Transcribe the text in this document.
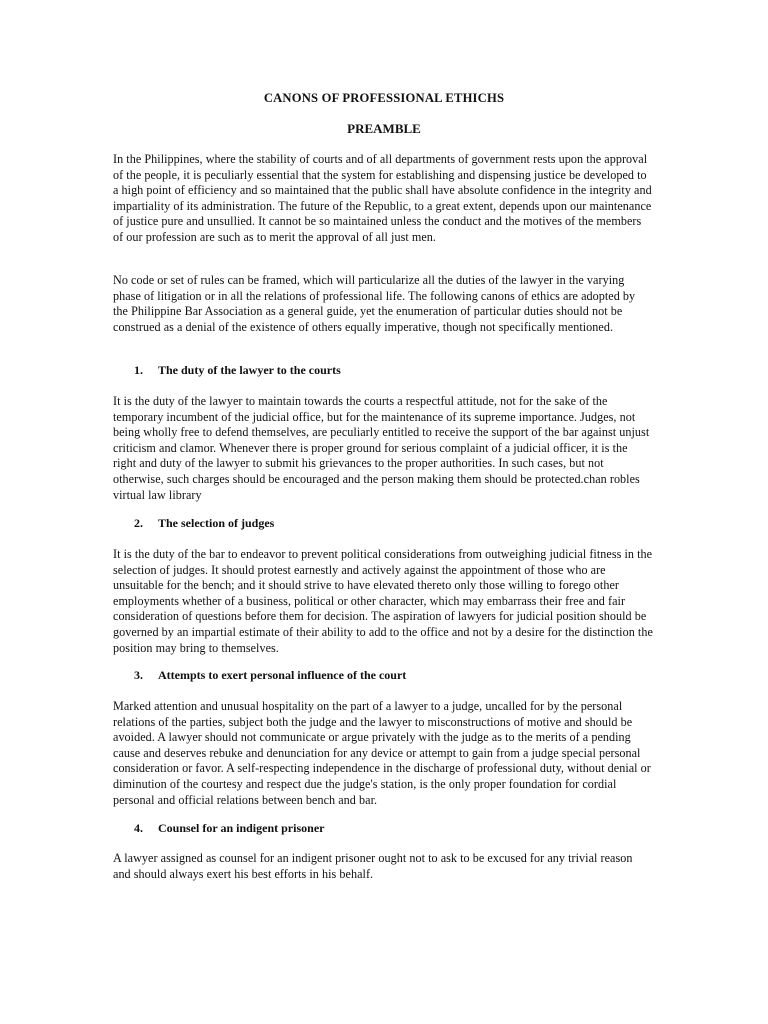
CANONS OF PROFESSIONAL ETHICHS
PREAMBLE

In the Philippines, where the stability of courts and of all departments of government rests upon the approval of the people, it is peculiarly essential that the system for establishing and dispensing justice be developed to a high point of efficiency and so maintained that the public shall have absolute confidence in the integrity and impartiality of its administration. The future of the Republic, to a great extent, depends upon our maintenance of justice pure and unsullied. It cannot be so maintained unless the conduct and the motives of the members of our profession are such as to merit the approval of all just men.

No code or set of rules can be framed, which will particularize all the duties of the lawyer in the varying phase of litigation or in all the relations of professional life. The following canons of ethics are adopted by the Philippine Bar Association as a general guide, yet the enumeration of particular duties should not be construed as a denial of the existence of others equally imperative, though not specifically mentioned.

1. The duty of the lawyer to the courts

It is the duty of the lawyer to maintain towards the courts a respectful attitude, not for the sake of the temporary incumbent of the judicial office, but for the maintenance of its supreme importance. Judges, not being wholly free to defend themselves, are peculiarly entitled to receive the support of the bar against unjust criticism and clamor. Whenever there is proper ground for serious complaint of a judicial officer, it is the right and duty of the lawyer to submit his grievances to the proper authorities. In such cases, but not otherwise, such charges should be encouraged and the person making them should be protected.chan robles virtual law library

2. The selection of judges

It is the duty of the bar to endeavor to prevent political considerations from outweighing judicial fitness in the selection of judges. It should protest earnestly and actively against the appointment of those who are unsuitable for the bench; and it should strive to have elevated thereto only those willing to forego other employments whether of a business, political or other character, which may embarrass their free and fair consideration of questions before them for decision. The aspiration of lawyers for judicial position should be governed by an impartial estimate of their ability to add to the office and not by a desire for the distinction the position may bring to themselves.

3. Attempts to exert personal influence of the court

Marked attention and unusual hospitality on the part of a lawyer to a judge, uncalled for by the personal relations of the parties, subject both the judge and the lawyer to misconstructions of motive and should be avoided. A lawyer should not communicate or argue privately with the judge as to the merits of a pending cause and deserves rebuke and denunciation for any device or attempt to gain from a judge special personal consideration or favor. A self-respecting independence in the discharge of professional duty, without denial or diminution of the courtesy and respect due the judge's station, is the only proper foundation for cordial personal and official relations between bench and bar.

4. Counsel for an indigent prisoner

A lawyer assigned as counsel for an indigent prisoner ought not to ask to be excused for any trivial reason and should always exert his best efforts in his behalf.
